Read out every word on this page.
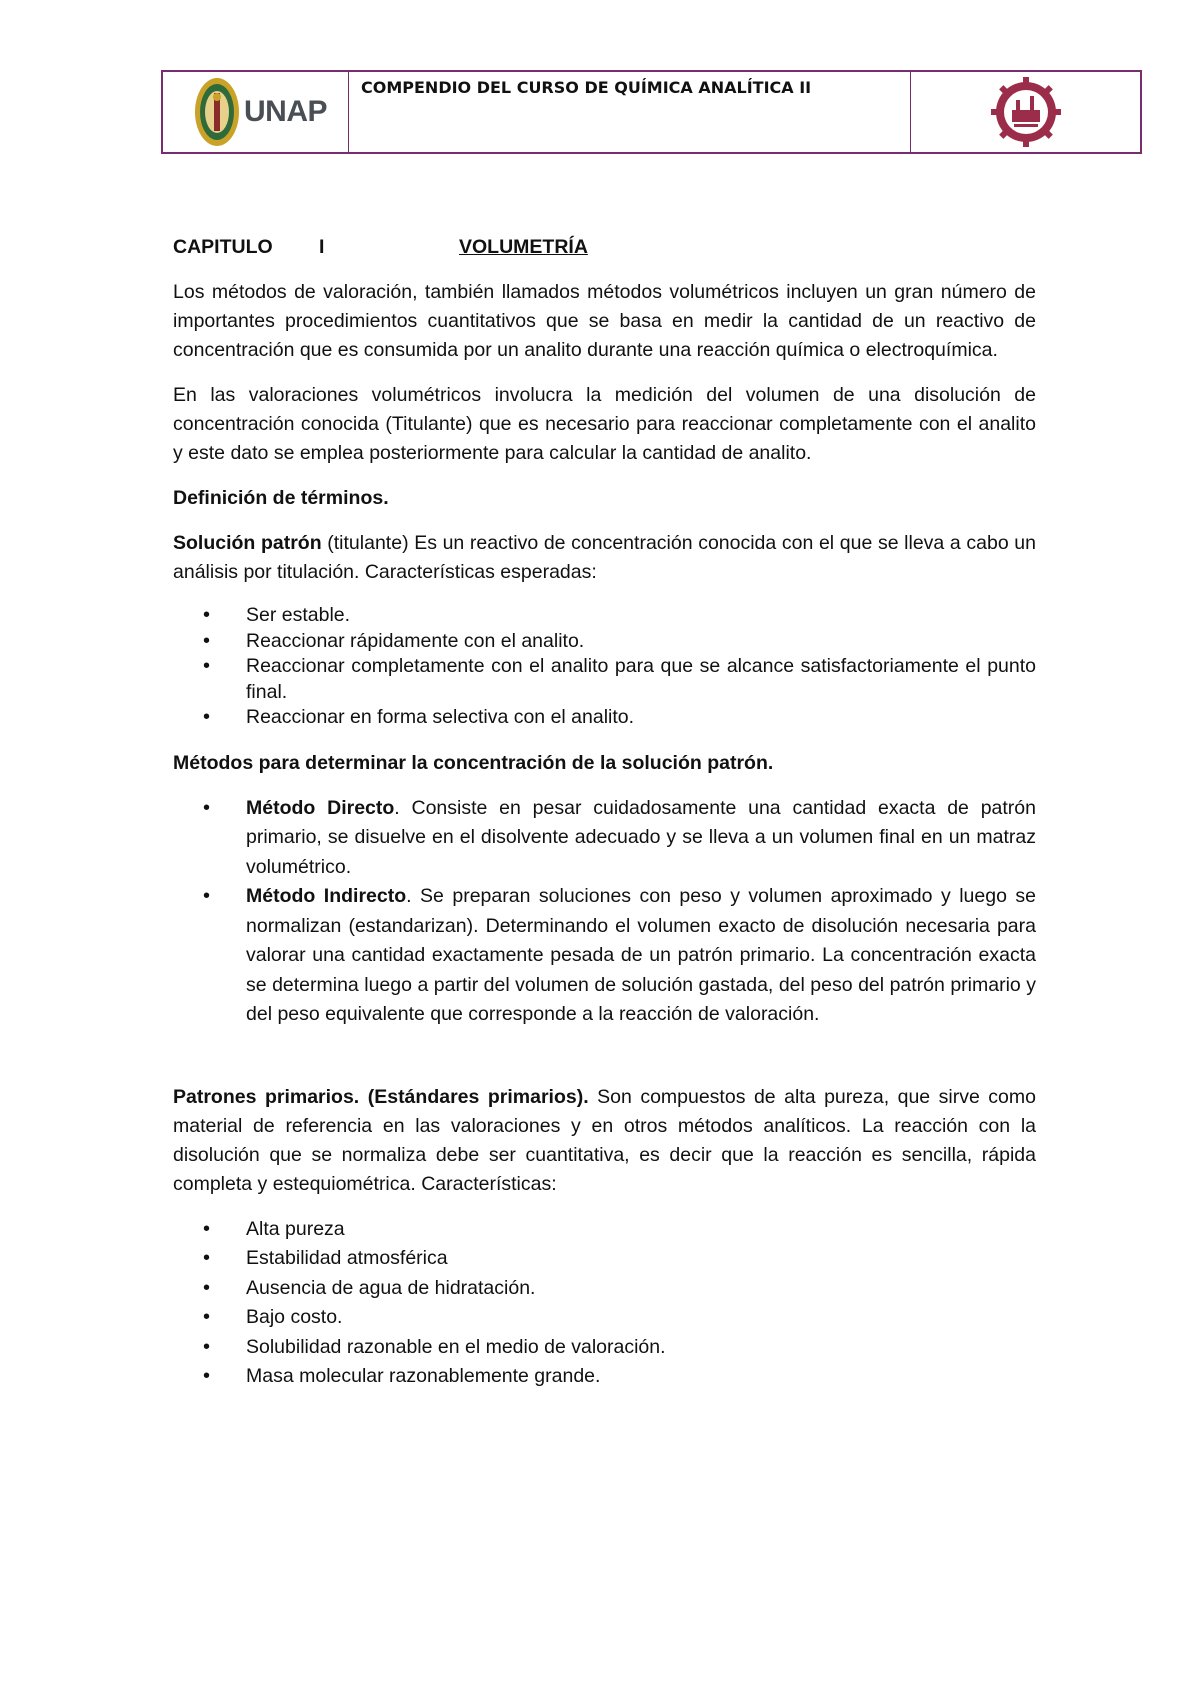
UNAP
COMPENDIO DEL CURSO DE QUÍMICA ANALÍTICA II

CAPITULO	I	VOLUMETRÍA

Los métodos de valoración, también llamados métodos volumétricos incluyen un gran número de importantes procedimientos cuantitativos que se basa en medir la cantidad de un reactivo de concentración que es consumida por un analito durante una reacción química o electroquímica.

En las valoraciones volumétricos involucra la medición del volumen de una disolución de concentración conocida (Titulante) que es necesario para reaccionar completamente con el analito y este dato se emplea posteriormente para calcular la cantidad de analito.

Definición de términos.

Solución patrón (titulante) Es un reactivo de concentración conocida con el que se lleva a cabo un análisis por titulación. Características esperadas:

• Ser estable.
• Reaccionar rápidamente con el analito.
• Reaccionar completamente con el analito para que se alcance satisfactoriamente el punto final.
• Reaccionar en forma selectiva con el analito.

Métodos para determinar la concentración de la solución patrón.

• Método Directo. Consiste en pesar cuidadosamente una cantidad exacta de patrón primario, se disuelve en el disolvente adecuado y se lleva a un volumen final en un matraz volumétrico.
• Método Indirecto. Se preparan soluciones con peso y volumen aproximado y luego se normalizan (estandarizan). Determinando el volumen exacto de disolución necesaria para valorar una cantidad exactamente pesada de un patrón primario. La concentración exacta se determina luego a partir del volumen de solución gastada, del peso del patrón primario y del peso equivalente que corresponde a la reacción de valoración.

Patrones primarios. (Estándares primarios). Son compuestos de alta pureza, que sirve como material de referencia en las valoraciones y en otros métodos analíticos. La reacción con la disolución que se normaliza debe ser cuantitativa, es decir que la reacción es sencilla, rápida completa y estequiométrica. Características:

• Alta pureza
• Estabilidad atmosférica
• Ausencia de agua de hidratación.
• Bajo costo.
• Solubilidad razonable en el medio de valoración.
• Masa molecular razonablemente grande.
